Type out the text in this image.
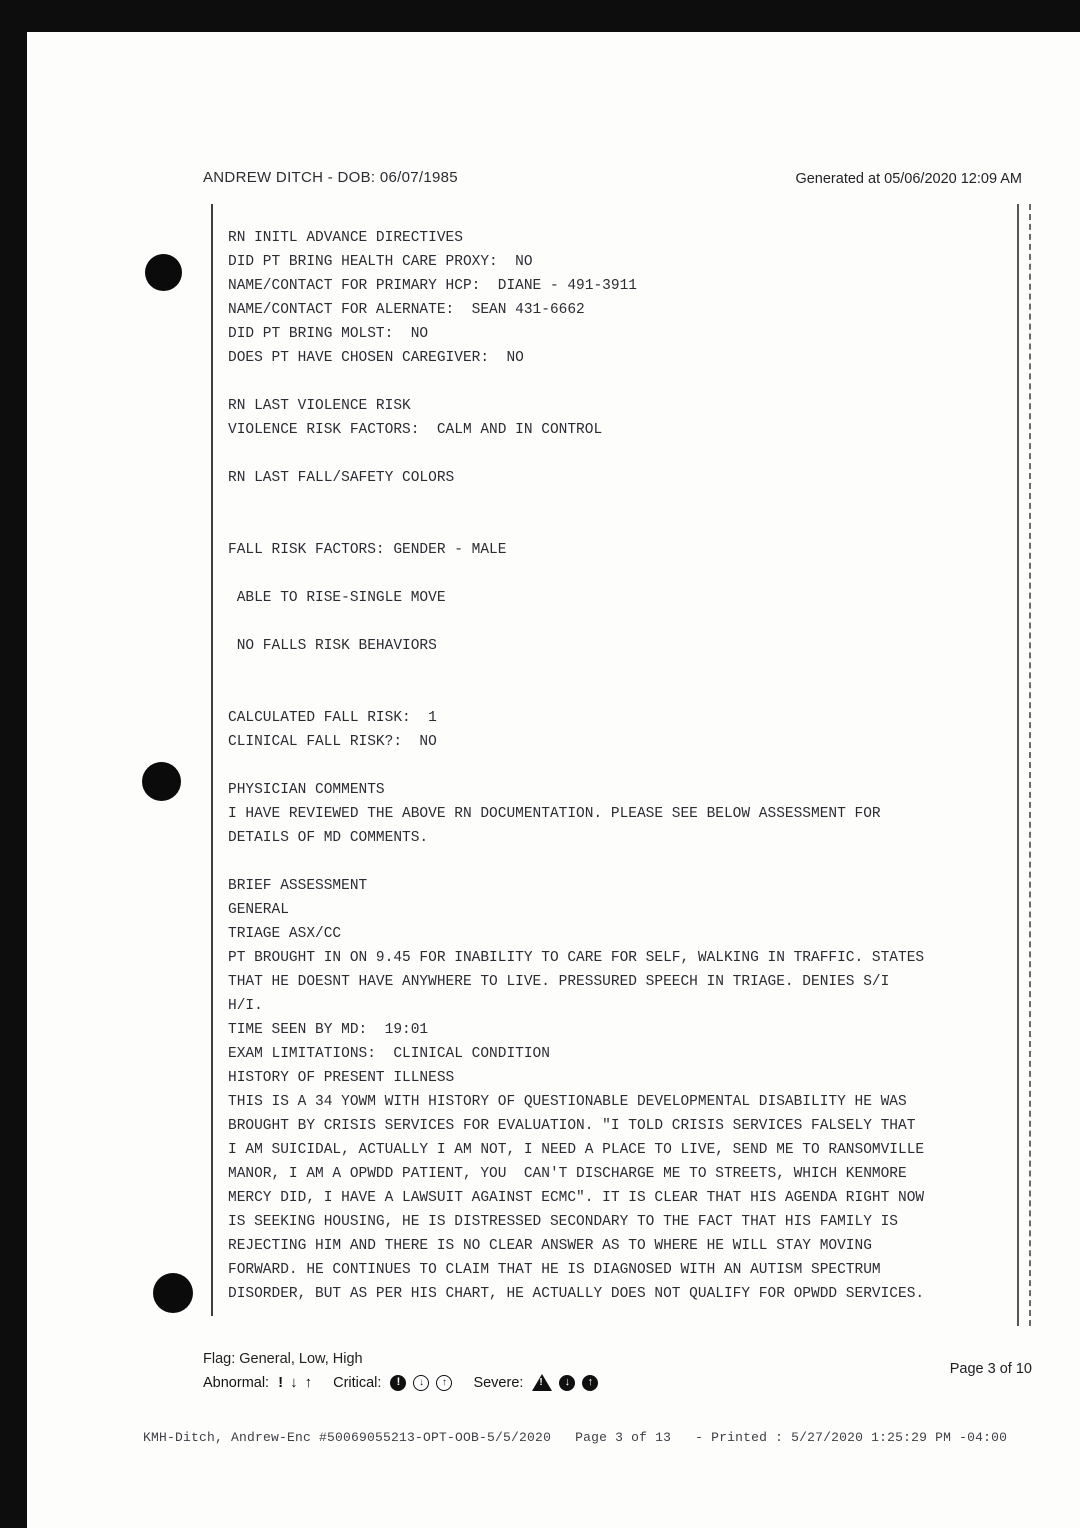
ANDREW DITCH - DOB: 06/07/1985	Generated at 05/06/2020 12:09 AM
RN INITL ADVANCE DIRECTIVES
DID PT BRING HEALTH CARE PROXY:  NO
NAME/CONTACT FOR PRIMARY HCP:  DIANE - 491-3911
NAME/CONTACT FOR ALERNATE:  SEAN 431-6662
DID PT BRING MOLST:  NO
DOES PT HAVE CHOSEN CAREGIVER:  NO

RN LAST VIOLENCE RISK
VIOLENCE RISK FACTORS:  CALM AND IN CONTROL

RN LAST FALL/SAFETY COLORS

FALL RISK FACTORS: GENDER - MALE

ABLE TO RISE-SINGLE MOVE

NO FALLS RISK BEHAVIORS

CALCULATED FALL RISK:  1
CLINICAL FALL RISK?:  NO

PHYSICIAN COMMENTS
I HAVE REVIEWED THE ABOVE RN DOCUMENTATION. PLEASE SEE BELOW ASSESSMENT FOR
DETAILS OF MD COMMENTS.

BRIEF ASSESSMENT
GENERAL
TRIAGE ASX/CC
PT BROUGHT IN ON 9.45 FOR INABILITY TO CARE FOR SELF, WALKING IN TRAFFIC. STATES
THAT HE DOESNT HAVE ANYWHERE TO LIVE. PRESSURED SPEECH IN TRIAGE. DENIES S/I
H/I.
TIME SEEN BY MD:  19:01
EXAM LIMITATIONS:  CLINICAL CONDITION
HISTORY OF PRESENT ILLNESS
THIS IS A 34 YOWM WITH HISTORY OF QUESTIONABLE DEVELOPMENTAL DISABILITY HE WAS
BROUGHT BY CRISIS SERVICES FOR EVALUATION. "I TOLD CRISIS SERVICES FALSELY THAT
I AM SUICIDAL, ACTUALLY I AM NOT, I NEED A PLACE TO LIVE, SEND ME TO RANSOMVILLE
MANOR, I AM A OPWDD PATIENT, YOU  CAN'T DISCHARGE ME TO STREETS, WHICH KENMORE
MERCY DID, I HAVE A LAWSUIT AGAINST ECMC". IT IS CLEAR THAT HIS AGENDA RIGHT NOW
IS SEEKING HOUSING, HE IS DISTRESSED SECONDARY TO THE FACT THAT HIS FAMILY IS
REJECTING HIM AND THERE IS NO CLEAR ANSWER AS TO WHERE HE WILL STAY MOVING
FORWARD. HE CONTINUES TO CLAIM THAT HE IS DIAGNOSED WITH AN AUTISM SPECTRUM
DISORDER, BUT AS PER HIS CHART, HE ACTUALLY DOES NOT QUALIFY FOR OPWDD SERVICES.
Flag: General, Low, High
Abnormal: ! ↓ ↑ Critical:	!	↓	↑	Severe: !	↓	↑
Page 3 of 10
KMH-Ditch, Andrew-Enc #50069055213-OPT-OOB-5/5/2020   Page 3 of 13   - Printed : 5/27/2020 1:25:29 PM -04:00
